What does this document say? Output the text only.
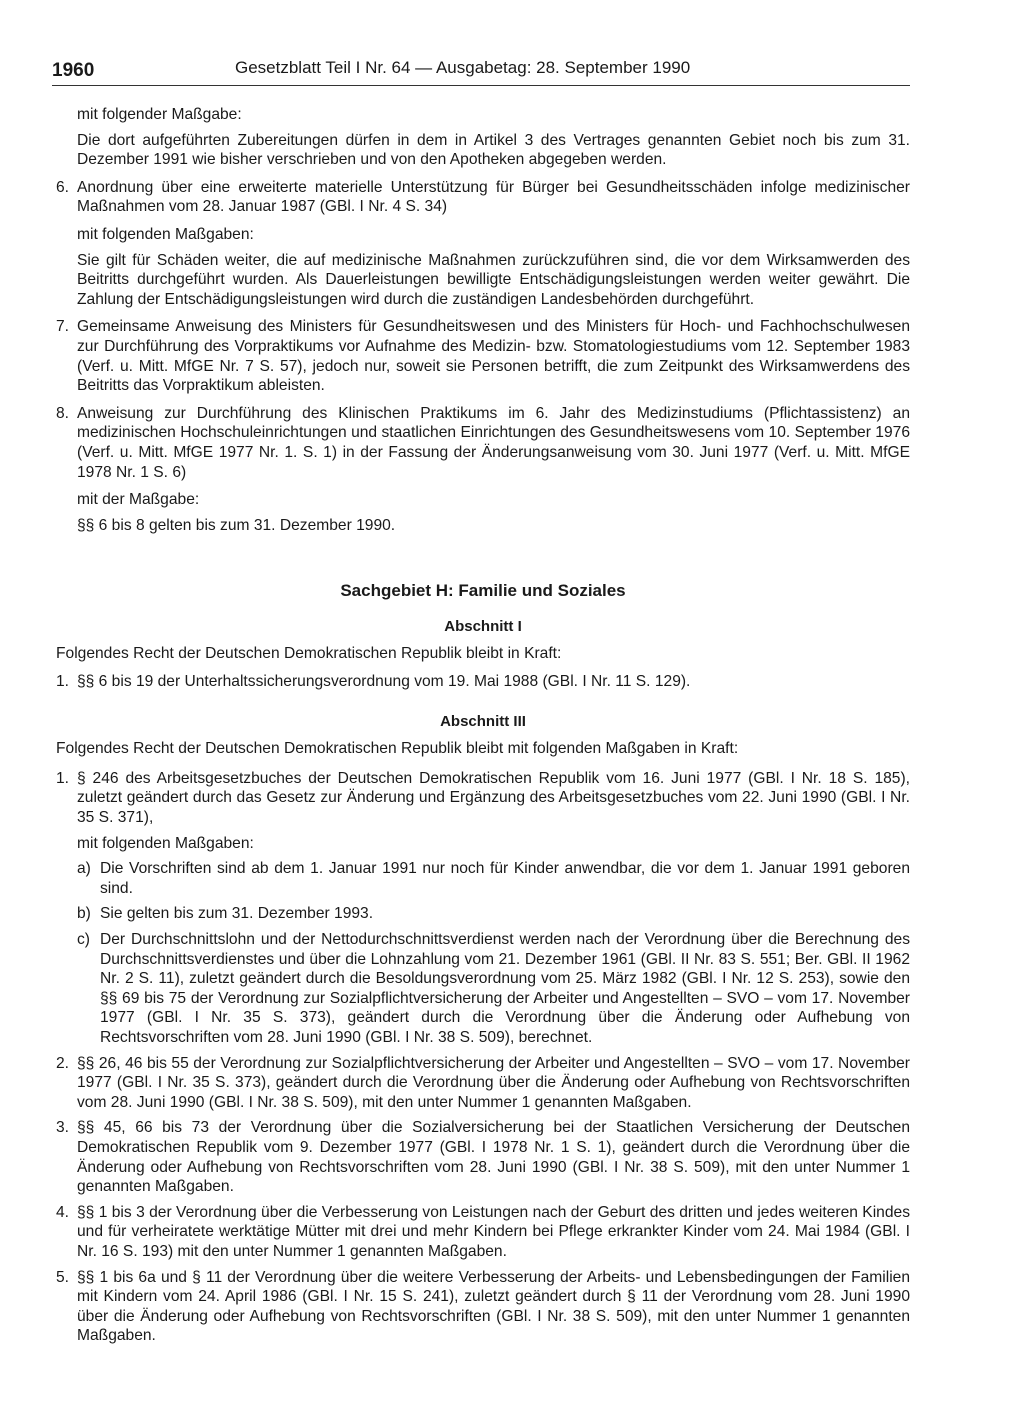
1960	Gesetzblatt Teil I Nr. 64 — Ausgabetag: 28. September 1990

mit folgender Maßgabe:

Die dort aufgeführten Zubereitungen dürfen in dem in Artikel 3 des Vertrages genannten Gebiet noch bis zum 31. Dezember 1991 wie bisher verschrieben und von den Apotheken abgegeben werden.

6. Anordnung über eine erweiterte materielle Unterstützung für Bürger bei Gesundheitsschäden infolge medizinischer Maßnahmen vom 28. Januar 1987 (GBl. I Nr. 4 S. 34)

mit folgenden Maßgaben:

Sie gilt für Schäden weiter, die auf medizinische Maßnahmen zurückzuführen sind, die vor dem Wirksamwerden des Beitritts durchgeführt wurden. Als Dauerleistungen bewilligte Entschädigungsleistungen werden weiter gewährt. Die Zahlung der Entschädigungsleistungen wird durch die zuständigen Landesbehörden durchgeführt.

7. Gemeinsame Anweisung des Ministers für Gesundheitswesen und des Ministers für Hoch- und Fachhochschulwesen zur Durchführung des Vorpraktikums vor Aufnahme des Medizin- bzw. Stomatologiestudiums vom 12. September 1983 (Verf. u. Mitt. MfGE Nr. 7 S. 57), jedoch nur, soweit sie Personen betrifft, die zum Zeitpunkt des Wirksamwerdens des Beitritts das Vorpraktikum ableisten.
8. Anweisung zur Durchführung des Klinischen Praktikums im 6. Jahr des Medizinstudiums (Pflichtassistenz) an medizinischen Hochschuleinrichtungen und staatlichen Einrichtungen des Gesundheitswesens vom 10. September 1976 (Verf. u. Mitt. MfGE 1977 Nr. 1. S. 1) in der Fassung der Änderungsanweisung vom 30. Juni 1977 (Verf. u. Mitt. MfGE 1978 Nr. 1 S. 6)

mit der Maßgabe:

§§ 6 bis 8 gelten bis zum 31. Dezember 1990.

Sachgebiet H: Familie und Soziales

Abschnitt I

Folgendes Recht der Deutschen Demokratischen Republik bleibt in Kraft:

1. §§ 6 bis 19 der Unterhaltssicherungsverordnung vom 19. Mai 1988 (GBl. I Nr. 11 S. 129).

Abschnitt III

Folgendes Recht der Deutschen Demokratischen Republik bleibt mit folgenden Maßgaben in Kraft:

1. § 246 des Arbeitsgesetzbuches der Deutschen Demokratischen Republik vom 16. Juni 1977 (GBl. I Nr. 18 S. 185), zuletzt geändert durch das Gesetz zur Änderung und Ergänzung des Arbeitsgesetzbuches vom 22. Juni 1990 (GBl. I Nr. 35 S. 371),

mit folgenden Maßgaben:

a) Die Vorschriften sind ab dem 1. Januar 1991 nur noch für Kinder anwendbar, die vor dem 1. Januar 1991 geboren sind.
b) Sie gelten bis zum 31. Dezember 1993.
c) Der Durchschnittslohn und der Nettodurchschnittsverdienst werden nach der Verordnung über die Berechnung des Durchschnittsverdienstes und über die Lohnzahlung vom 21. Dezember 1961 (GBl. II Nr. 83 S. 551; Ber. GBl. II 1962 Nr. 2 S. 11), zuletzt geändert durch die Besoldungsverordnung vom 25. März 1982 (GBl. I Nr. 12 S. 253), sowie den §§ 69 bis 75 der Verordnung zur Sozialpflichtversicherung der Arbeiter und Angestellten – SVO – vom 17. November 1977 (GBl. I Nr. 35 S. 373), geändert durch die Verordnung über die Änderung oder Aufhebung von Rechtsvorschriften vom 28. Juni 1990 (GBl. I Nr. 38 S. 509), berechnet.
2. §§ 26, 46 bis 55 der Verordnung zur Sozialpflichtversicherung der Arbeiter und Angestellten – SVO – vom 17. November 1977 (GBl. I Nr. 35 S. 373), geändert durch die Verordnung über die Änderung oder Aufhebung von Rechtsvorschriften vom 28. Juni 1990 (GBl. I Nr. 38 S. 509), mit den unter Nummer 1 genannten Maßgaben.
3. §§ 45, 66 bis 73 der Verordnung über die Sozialversicherung bei der Staatlichen Versicherung der Deutschen Demokratischen Republik vom 9. Dezember 1977 (GBl. I 1978 Nr. 1 S. 1), geändert durch die Verordnung über die Änderung oder Aufhebung von Rechtsvorschriften vom 28. Juni 1990 (GBl. I Nr. 38 S. 509), mit den unter Nummer 1 genannten Maßgaben.
4. §§ 1 bis 3 der Verordnung über die Verbesserung von Leistungen nach der Geburt des dritten und jedes weiteren Kindes und für verheiratete werktätige Mütter mit drei und mehr Kindern bei Pflege erkrankter Kinder vom 24. Mai 1984 (GBl. I Nr. 16 S. 193) mit den unter Nummer 1 genannten Maßgaben.
5. §§ 1 bis 6a und § 11 der Verordnung über die weitere Verbesserung der Arbeits- und Lebensbedingungen der Familien mit Kindern vom 24. April 1986 (GBl. I Nr. 15 S. 241), zuletzt geändert durch § 11 der Verordnung vom 28. Juni 1990 über die Änderung oder Aufhebung von Rechtsvorschriften (GBl. I Nr. 38 S. 509), mit den unter Nummer 1 genannten Maßgaben.
